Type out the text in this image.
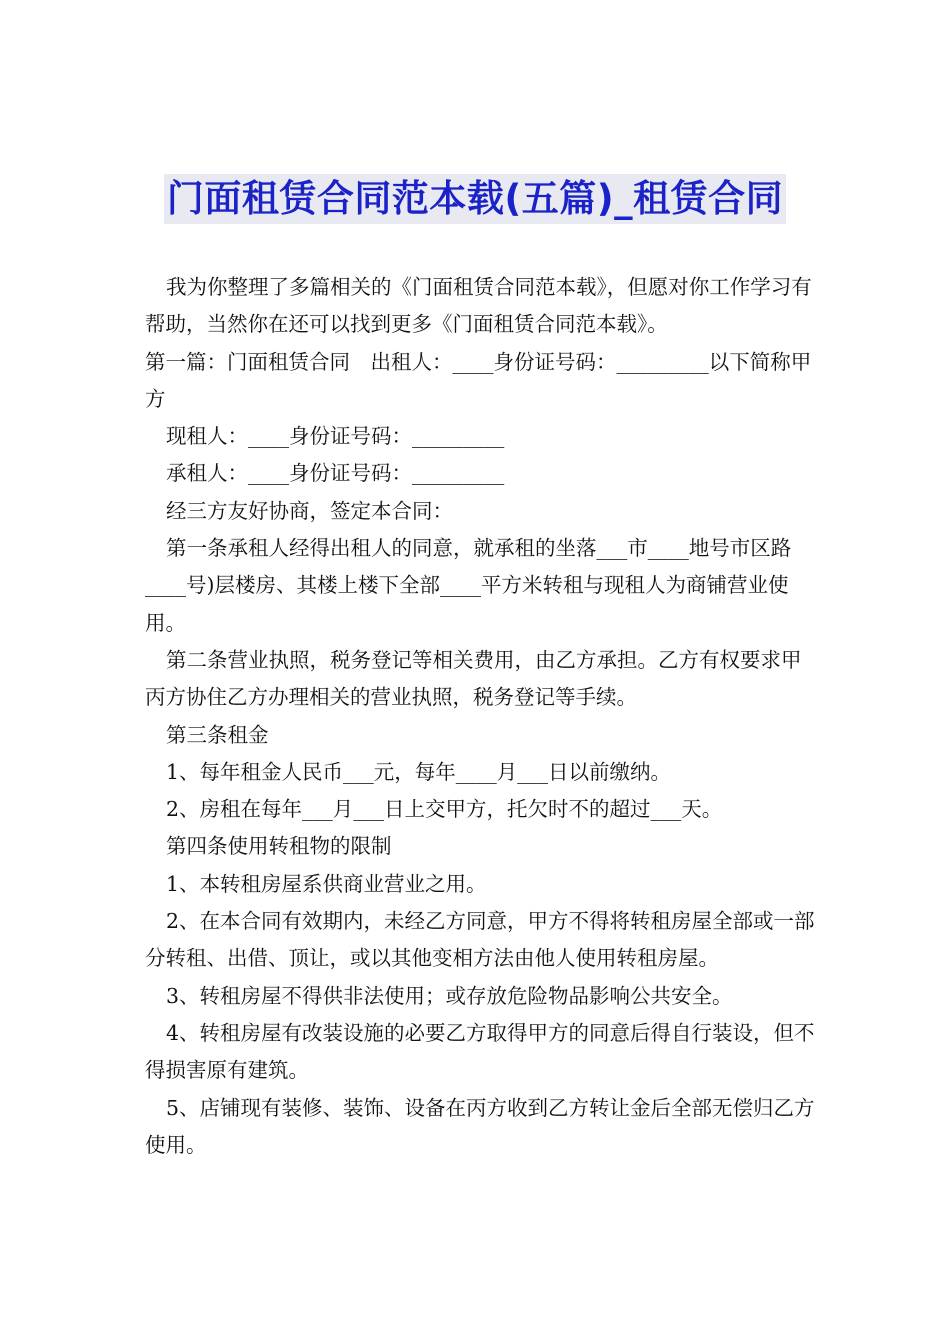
门面租赁合同范本载(五篇)_租赁合同

我为你整理了多篇相关的《门面租赁合同范本载》，但愿对你工作学习有帮助，当然你在还可以找到更多《门面租赁合同范本载》。

第一篇：门面租赁合同　出租人：____身份证号码：_________以下简称甲方

现租人：____身份证号码：_________

承租人：____身份证号码：_________

经三方友好协商，签定本合同：

第一条承租人经得出租人的同意，就承租的坐落___市____地号市区路____号)层楼房、其楼上楼下全部____平方米转租与现租人为商铺营业使用。

第二条营业执照，税务登记等相关费用，由乙方承担。乙方有权要求甲丙方协住乙方办理相关的营业执照，税务登记等手续。

第三条租金

1、每年租金人民币___元，每年____月___日以前缴纳。

2、房租在每年___月___日上交甲方，托欠时不的超过___天。

第四条使用转租物的限制

1、本转租房屋系供商业营业之用。

2、在本合同有效期内，未经乙方同意，甲方不得将转租房屋全部或一部分转租、出借、顶让，或以其他变相方法由他人使用转租房屋。

3、转租房屋不得供非法使用；或存放危险物品影响公共安全。

4、转租房屋有改装设施的必要乙方取得甲方的同意后得自行装设，但不得损害原有建筑。

5、店铺现有装修、装饰、设备在丙方收到乙方转让金后全部无偿归乙方使用。
